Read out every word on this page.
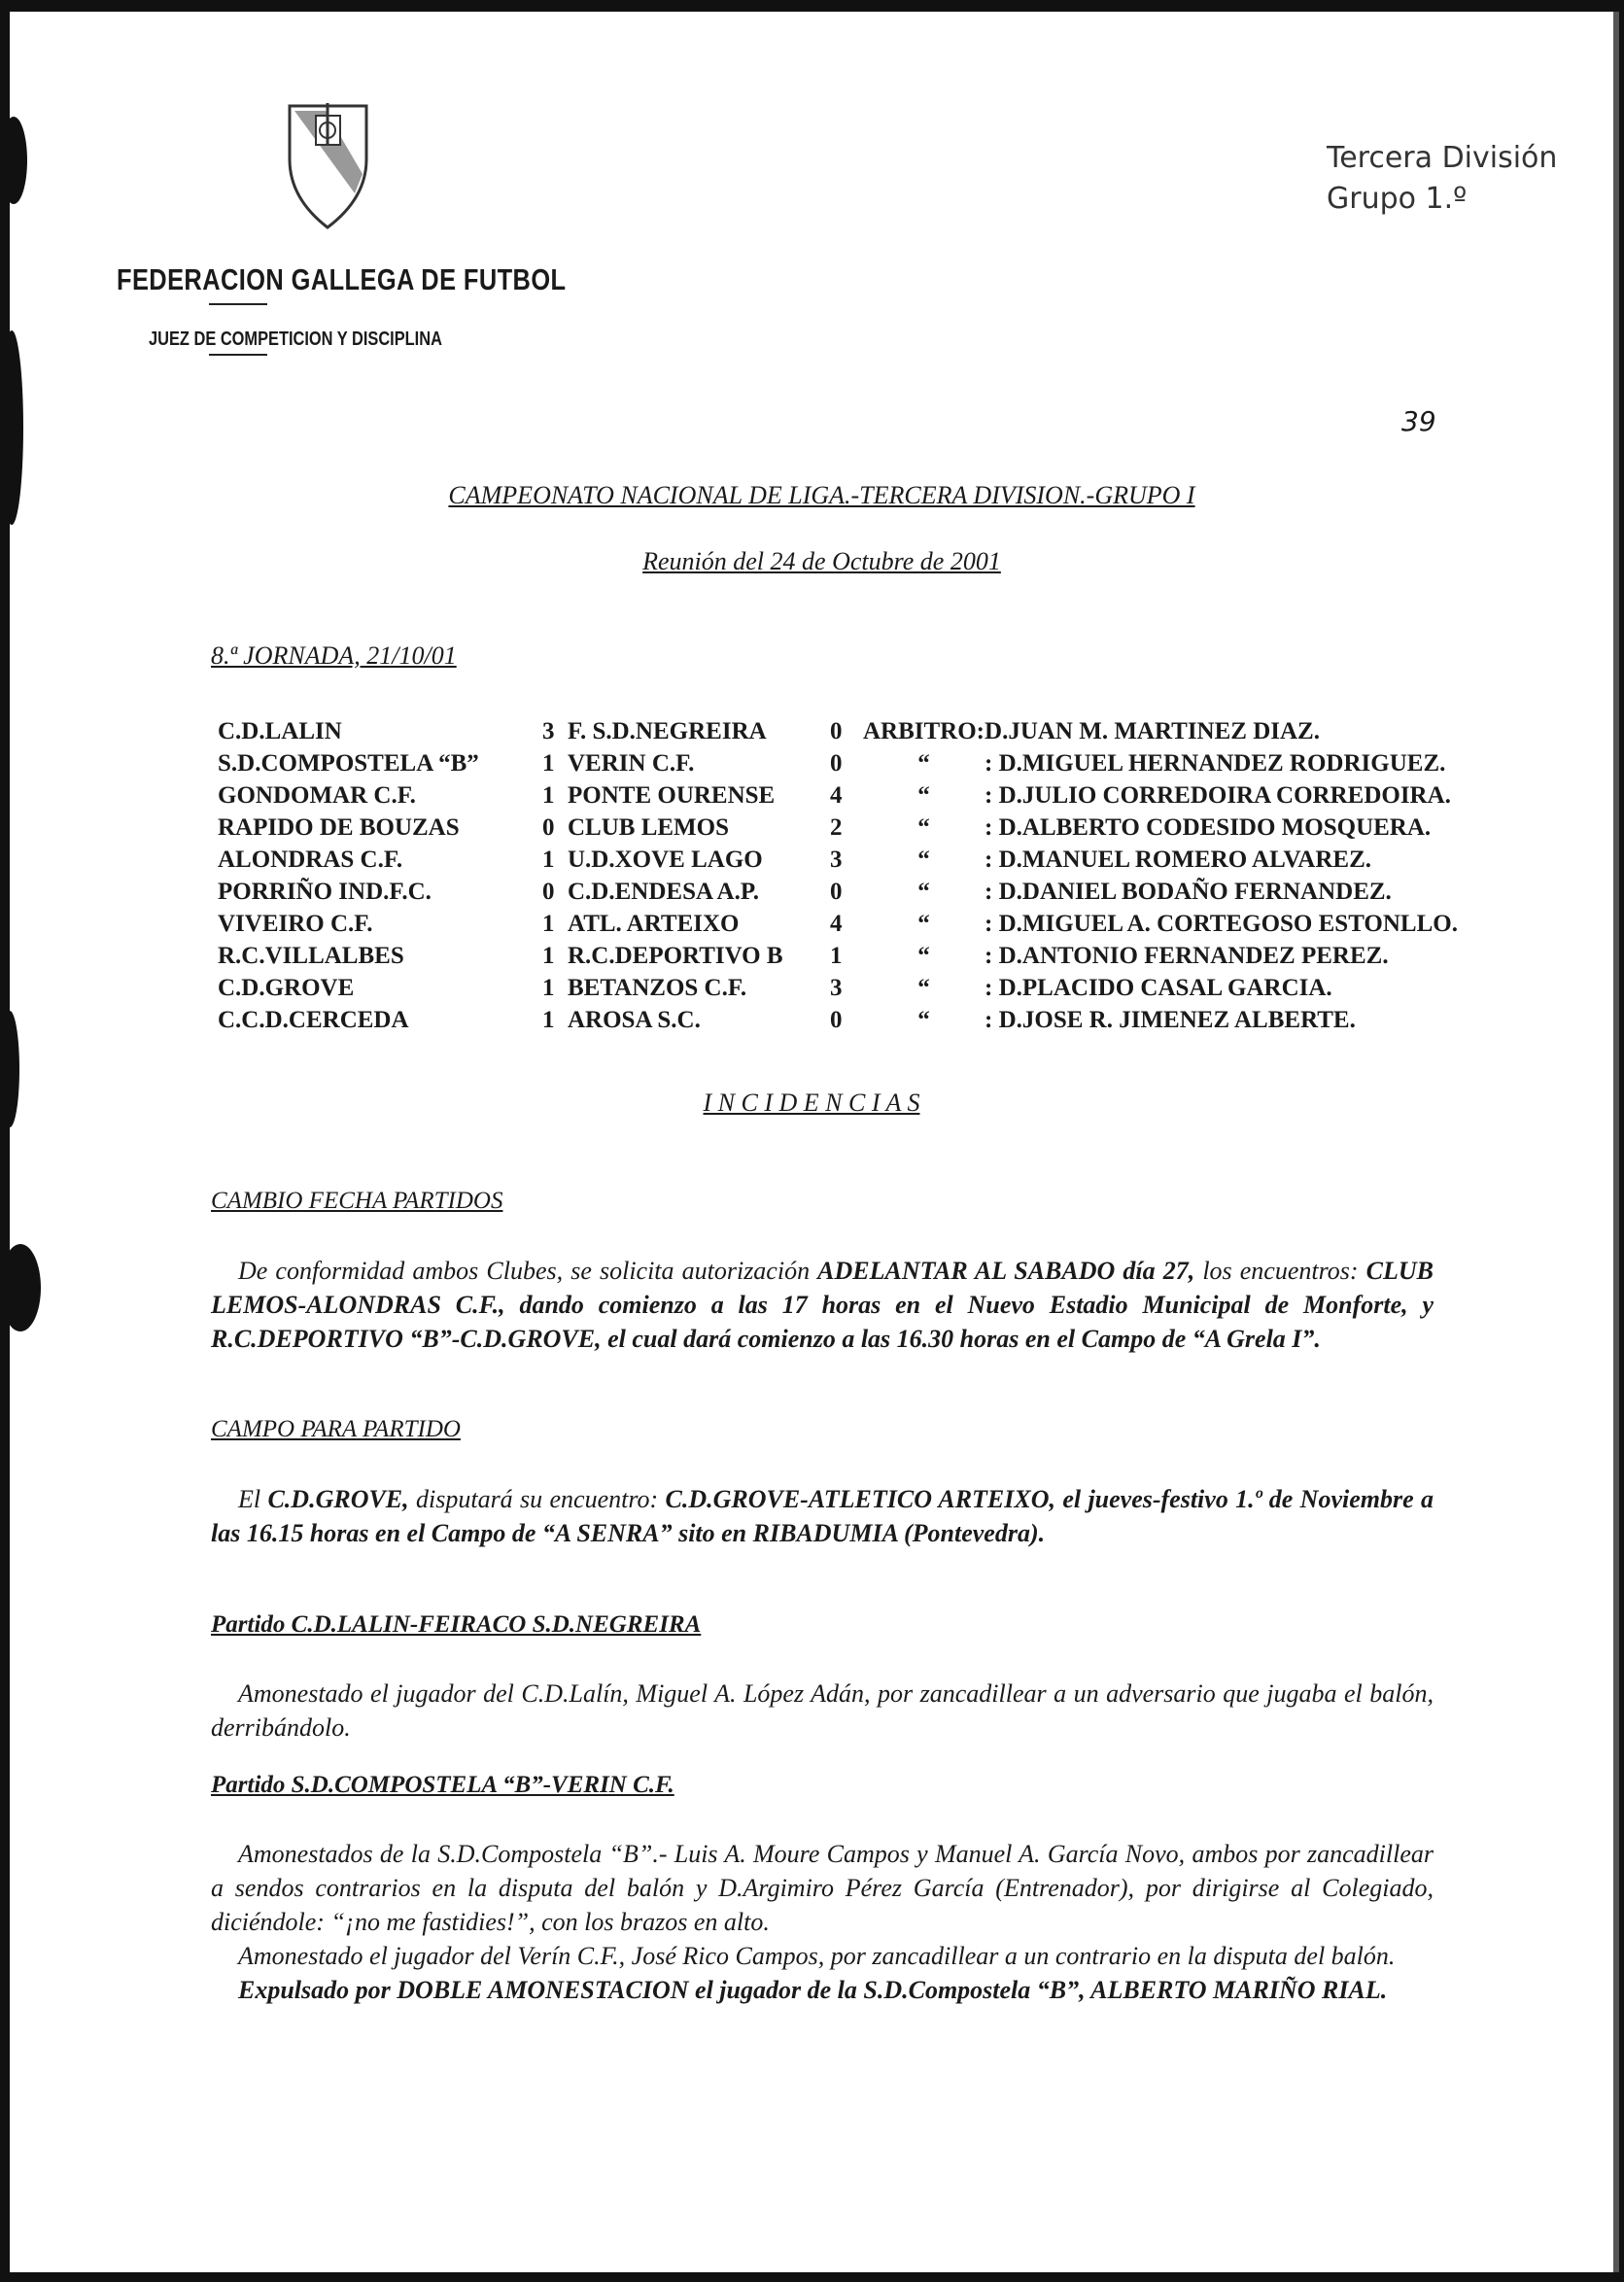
FEDERACION GALLEGA DE FUTBOL
JUEZ DE COMPETICION Y DISCIPLINA
Tercera División
Grupo 1.º
39
CAMPEONATO NACIONAL DE LIGA.-TERCERA DIVISION.-GRUPO I
Reunión del 24 de Octubre de 2001
8.ª JORNADA, 21/10/01
C.D.LALIN	3	F. S.D.NEGREIRA	0	ARBITRO:	D.JUAN M. MARTINEZ DIAZ.
S.D.COMPOSTELA “B”	1	VERIN C.F.	0	“	: D.MIGUEL HERNANDEZ RODRIGUEZ.
GONDOMAR C.F.	1	PONTE OURENSE	4	“	: D.JULIO CORREDOIRA CORREDOIRA.
RAPIDO DE BOUZAS	0	CLUB LEMOS	2	“	: D.ALBERTO CODESIDO MOSQUERA.
ALONDRAS C.F.	1	U.D.XOVE LAGO	3	“	: D.MANUEL ROMERO ALVAREZ.
PORRIÑO IND.F.C.	0	C.D.ENDESA A.P.	0	“	: D.DANIEL BODAÑO FERNANDEZ.
VIVEIRO C.F.	1	ATL. ARTEIXO	4	“	: D.MIGUEL A. CORTEGOSO ESTONLLO.
R.C.VILLALBES	1	R.C.DEPORTIVO B	1	“	: D.ANTONIO FERNANDEZ PEREZ.
C.D.GROVE	1	BETANZOS C.F.	3	“	: D.PLACIDO CASAL GARCIA.
C.C.D.CERCEDA	1	AROSA S.C.	0	“	: D.JOSE R. JIMENEZ ALBERTE.
I N C I D E N C I A S
CAMBIO FECHA PARTIDOS

De conformidad ambos Clubes, se solicita autorización ADELANTAR AL SABADO día 27, los encuentros: CLUB LEMOS-ALONDRAS C.F., dando comienzo a las 17 horas en el Nuevo Estadio Municipal de Monforte, y R.C.DEPORTIVO “B”-C.D.GROVE, el cual dará comienzo a las 16.30 horas en el Campo de “A Grela I”.

CAMPO PARA PARTIDO

El C.D.GROVE, disputará su encuentro: C.D.GROVE-ATLETICO ARTEIXO, el jueves-festivo 1.º de Noviembre a las 16.15 horas en el Campo de “A SENRA” sito en RIBADUMIA (Pontevedra).

Partido C.D.LALIN-FEIRACO S.D.NEGREIRA

Amonestado el jugador del C.D.Lalín, Miguel A. López Adán, por zancadillear a un adversario que jugaba el balón, derribándolo.

Partido S.D.COMPOSTELA “B”-VERIN C.F.

Amonestados de la S.D.Compostela “B”.- Luis A. Moure Campos y Manuel A. García Novo, ambos por zancadillear a sendos contrarios en la disputa del balón y D.Argimiro Pérez García (Entrenador), por dirigirse al Colegiado, diciéndole: “¡no me fastidies!”, con los brazos en alto.

Amonestado el jugador del Verín C.F., José Rico Campos, por zancadillear a un contrario en la disputa del balón.

Expulsado por DOBLE AMONESTACION el jugador de la S.D.Compostela “B”, ALBERTO MARIÑO RIAL.
